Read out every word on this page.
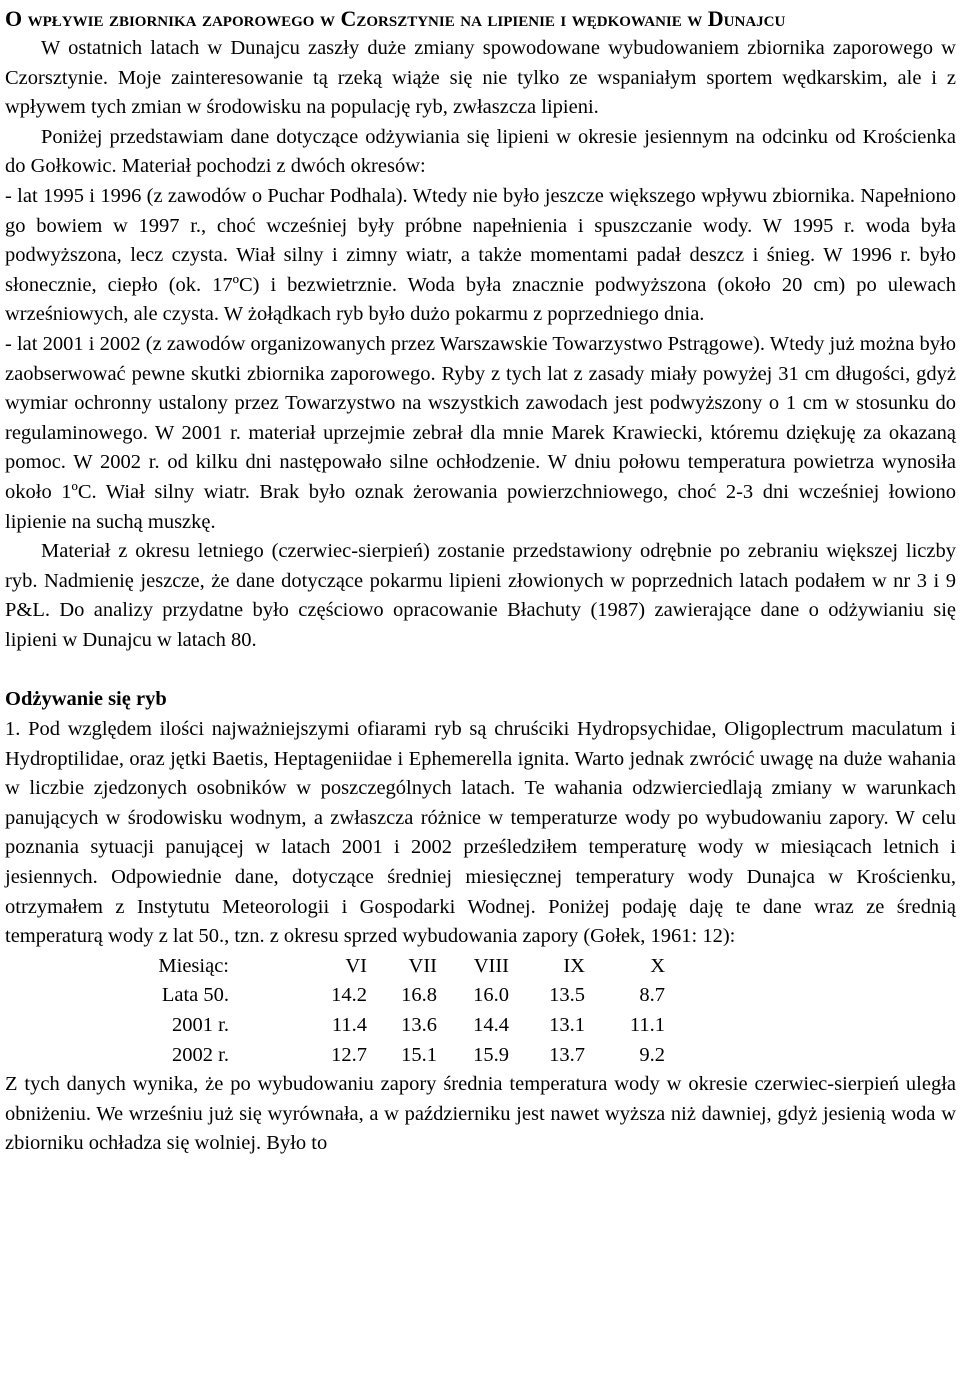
O wpływie zbiornika zaporowego w Czorsztynie na lipienie i wędkowanie w Dunajcu

W ostatnich latach w Dunajcu zaszły duże zmiany spowodowane wybudowaniem zbiornika zaporowego w Czorsztynie. Moje zainteresowanie tą rzeką wiąże się nie tylko ze wspaniałym sportem wędkarskim, ale i z wpływem tych zmian w środowisku na populację ryb, zwłaszcza lipieni.

Poniżej przedstawiam dane dotyczące odżywiania się lipieni w okresie jesiennym na odcinku od Krościenka do Gołkowic. Materiał pochodzi z dwóch okresów:

- lat 1995 i 1996 (z zawodów o Puchar Podhala). Wtedy nie było jeszcze większego wpływu zbiornika. Napełniono go bowiem w 1997 r., choć wcześniej były próbne napełnienia i spuszczanie wody. W 1995 r. woda była podwyższona, lecz czysta. Wiał silny i zimny wiatr, a także momentami padał deszcz i śnieg. W 1996 r. było słonecznie, ciepło (ok. 17ºC) i bezwietrznie. Woda była znacznie podwyższona (około 20 cm) po ulewach wrześniowych, ale czysta. W żołądkach ryb było dużo pokarmu z poprzedniego dnia.

- lat 2001 i 2002 (z zawodów organizowanych przez Warszawskie Towarzystwo Pstrągowe). Wtedy już można było zaobserwować pewne skutki zbiornika zaporowego. Ryby z tych lat z zasady miały powyżej 31 cm długości, gdyż wymiar ochronny ustalony przez Towarzystwo na wszystkich zawodach jest podwyższony o 1 cm w stosunku do regulaminowego. W 2001 r. materiał uprzejmie zebrał dla mnie Marek Krawiecki, któremu dziękuję za okazaną pomoc. W 2002 r. od kilku dni następowało silne ochłodzenie. W dniu połowu temperatura powietrza wynosiła około 1ºC. Wiał silny wiatr. Brak było oznak żerowania powierzchniowego, choć 2-3 dni wcześniej łowiono lipienie na suchą muszkę.

Materiał z okresu letniego (czerwiec-sierpień) zostanie przedstawiony odrębnie po zebraniu większej liczby ryb. Nadmienię jeszcze, że dane dotyczące pokarmu lipieni złowionych w poprzednich latach podałem w nr 3 i 9 P&L. Do analizy przydatne było częściowo opracowanie Błachuty (1987) zawierające dane o odżywianiu się lipieni w Dunajcu w latach 80.

Odżywanie się ryb

1. Pod względem ilości najważniejszymi ofiarami ryb są chruściki Hydropsychidae, Oligoplectrum maculatum i Hydroptilidae, oraz jętki Baetis, Heptageniidae i Ephemerella ignita. Warto jednak zwrócić uwagę na duże wahania w liczbie zjedzonych osobników w poszczególnych latach. Te wahania odzwierciedlają zmiany w warunkach panujących w środowisku wodnym, a zwłaszcza różnice w temperaturze wody po wybudowaniu zapory. W celu poznania sytuacji panującej w latach 2001 i 2002 prześledziłem temperaturę wody w miesiącach letnich i jesiennych. Odpowiednie dane, dotyczące średniej miesięcznej temperatury wody Dunajca w Krościenku, otrzymałem z Instytutu Meteorologii i Gospodarki Wodnej. Poniżej podaję daję te dane wraz ze średnią temperaturą wody z lat 50., tzn. z okresu sprzed wybudowania zapory (Gołek, 1961: 12):

Miesiąc:	VI	VII	VIII	IX	X
Lata 50.	14.2	16.8	16.0	13.5	8.7
2001 r.	11.4	13.6	14.4	13.1	11.1
2002 r.	12.7	15.1	15.9	13.7	9.2

Z tych danych wynika, że po wybudowaniu zapory średnia temperatura wody w okresie czerwiec-sierpień uległa obniżeniu. We wrześniu już się wyrównała, a w październiku jest nawet wyższa niż dawniej, gdyż jesienią woda w zbiorniku ochładza się wolniej. Było to
